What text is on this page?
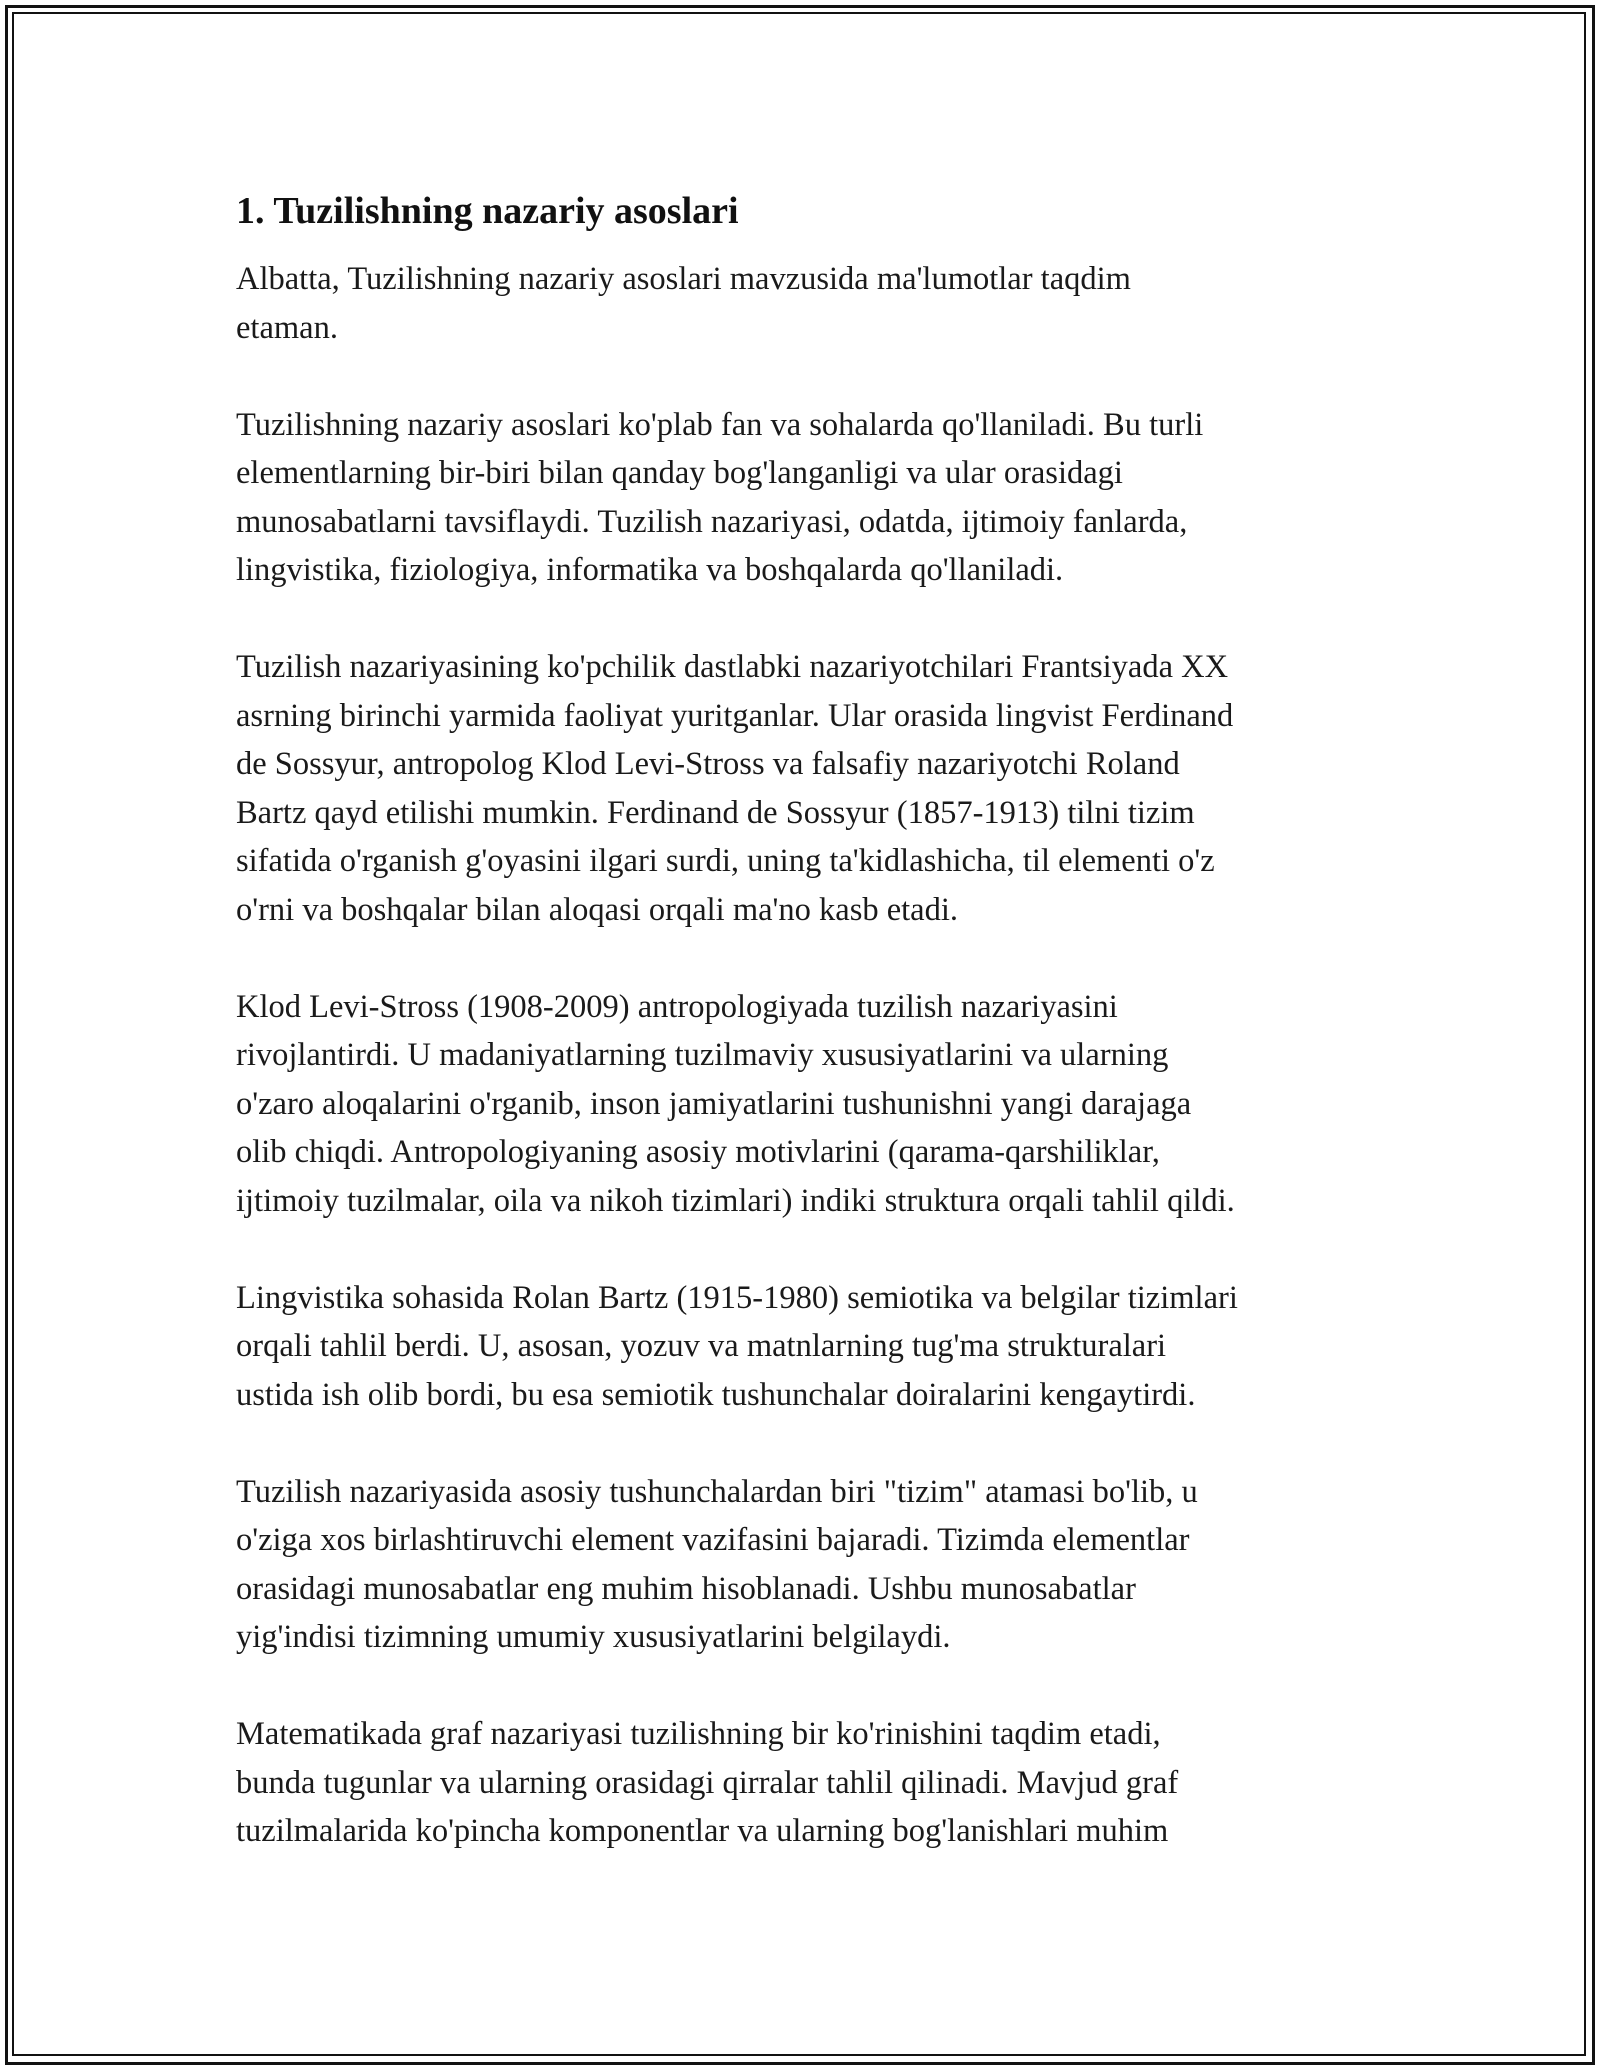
1. Tuzilishning nazariy asoslari

Albatta, Tuzilishning nazariy asoslari mavzusida ma'lumotlar taqdim
etaman.

Tuzilishning nazariy asoslari ko'plab fan va sohalarda qo'llaniladi. Bu turli
elementlarning bir-biri bilan qanday bog'langanligi va ular orasidagi
munosabatlarni tavsiflaydi. Tuzilish nazariyasi, odatda, ijtimoiy fanlarda,
lingvistika, fiziologiya, informatika va boshqalarda qo'llaniladi.

Tuzilish nazariyasining ko'pchilik dastlabki nazariyotchilari Frantsiyada XX
asrning birinchi yarmida faoliyat yuritganlar. Ular orasida lingvist Ferdinand
de Sossyur, antropolog Klod Levi-Stross va falsafiy nazariyotchi Roland
Bartz qayd etilishi mumkin. Ferdinand de Sossyur (1857-1913) tilni tizim
sifatida o'rganish g'oyasini ilgari surdi, uning ta'kidlashicha, til elementi o'z
o'rni va boshqalar bilan aloqasi orqali ma'no kasb etadi.

Klod Levi-Stross (1908-2009) antropologiyada tuzilish nazariyasini
rivojlantirdi. U madaniyatlarning tuzilmaviy xususiyatlarini va ularning
o'zaro aloqalarini o'rganib, inson jamiyatlarini tushunishni yangi darajaga
olib chiqdi. Antropologiyaning asosiy motivlarini (qarama-qarshiliklar,
ijtimoiy tuzilmalar, oila va nikoh tizimlari) indiki struktura orqali tahlil qildi.

Lingvistika sohasida Rolan Bartz (1915-1980) semiotika va belgilar tizimlari
orqali tahlil berdi. U, asosan, yozuv va matnlarning tug'ma strukturalari
ustida ish olib bordi, bu esa semiotik tushunchalar doiralarini kengaytirdi.

Tuzilish nazariyasida asosiy tushunchalardan biri "tizim" atamasi bo'lib, u
o'ziga xos birlashtiruvchi element vazifasini bajaradi. Tizimda elementlar
orasidagi munosabatlar eng muhim hisoblanadi. Ushbu munosabatlar
yig'indisi tizimning umumiy xususiyatlarini belgilaydi.

Matematikada graf nazariyasi tuzilishning bir ko'rinishini taqdim etadi,
bunda tugunlar va ularning orasidagi qirralar tahlil qilinadi. Mavjud graf
tuzilmalarida ko'pincha komponentlar va ularning bog'lanishlari muhim
